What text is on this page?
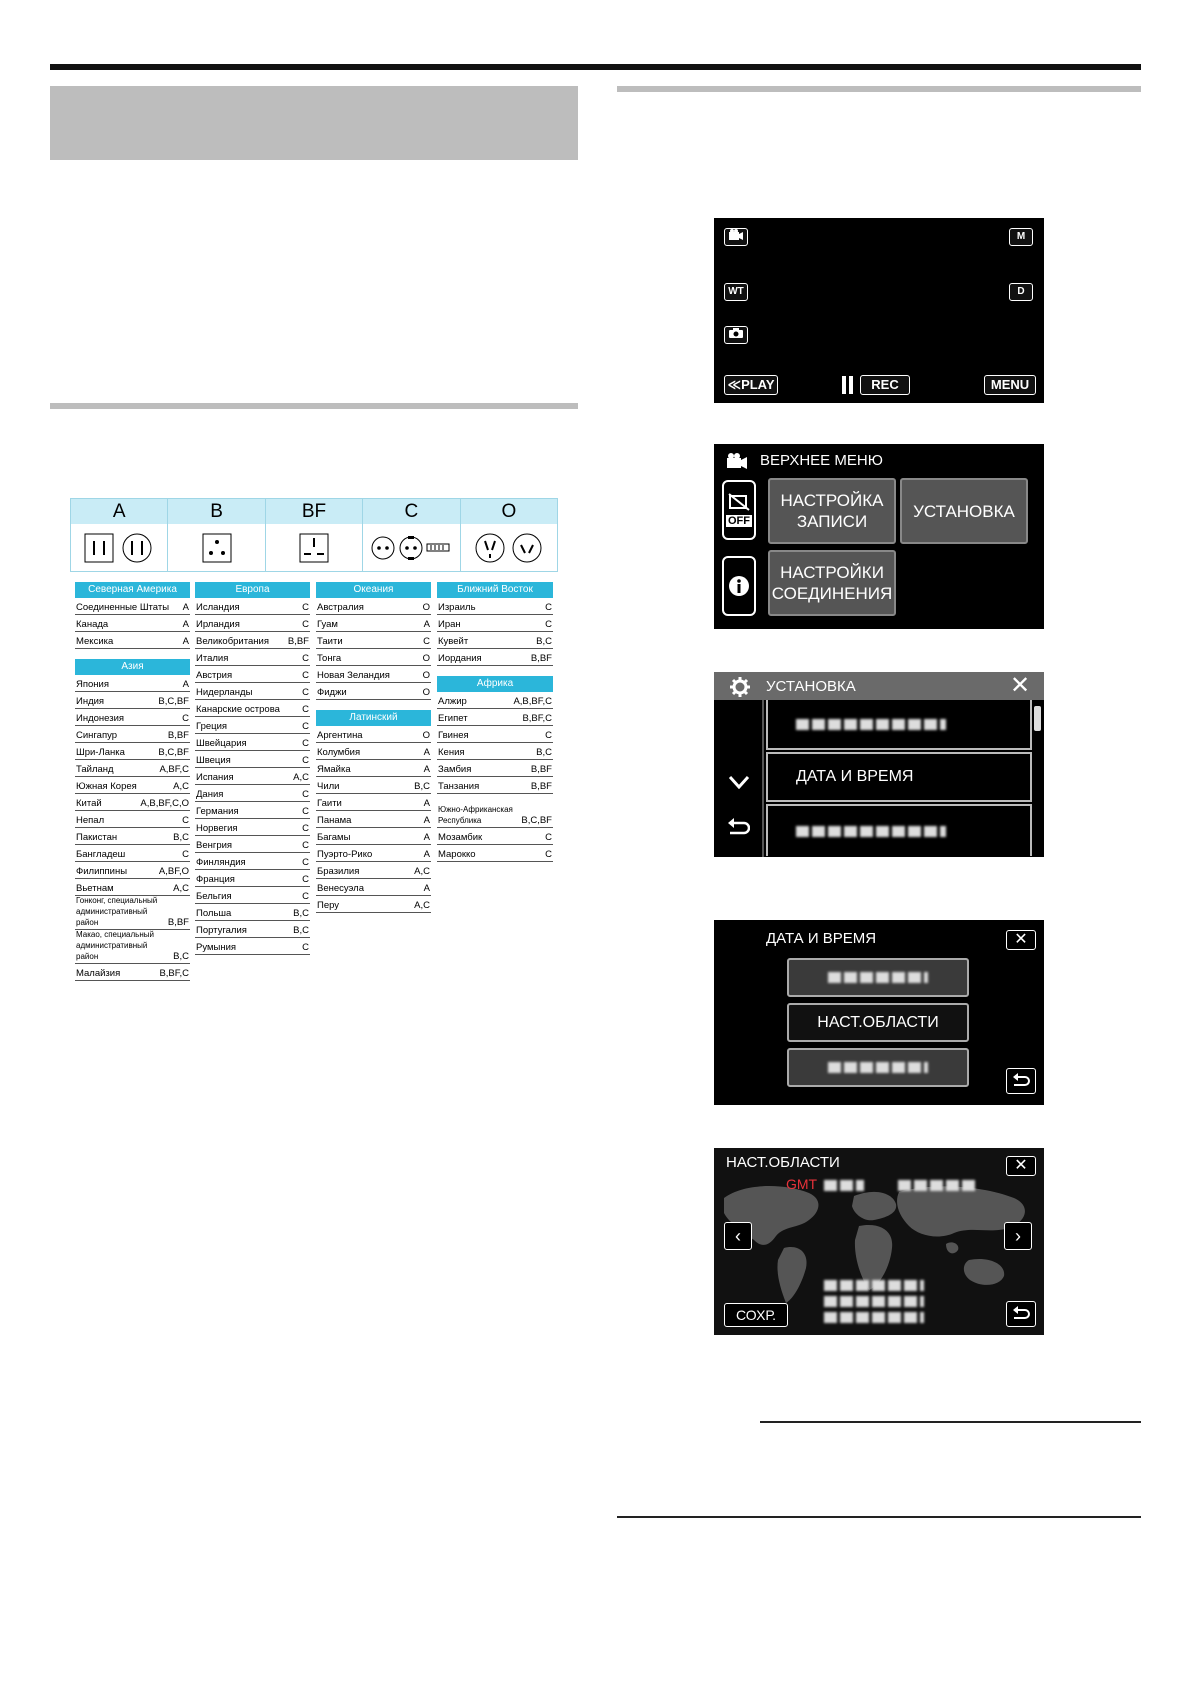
A	B	BF	C	O
Северная Америка
Соединенные Штаты A
Канада	A
Мексика	A
Азия
Япония	A
Индия	B,C,BF
Индонезия	C
Сингапур	B,BF
Шри-Ланка	B,C,BF
Тайланд	A,BF,C
Южная Корея	A,C
Китай	A,B,BF,C,O
Непал	C
Пакистан	B,C
Бангладеш	C
Филиппины	A,BF,O
Вьетнам	A,C
Гонконг, специальный административный район	B,BF
Макао, специальный административный район	B,C
Малайзия	B,BF,C
Европа
Исландия	C
Ирландия	C
Великобритания B,BF
Италия	C
Австрия	C
Нидерланды	C
Канарские острова C
Греция	C
Швейцария	C
Швеция	C
Испания	A,C
Дания	C
Германия	C
Норвегия	C
Венгрия	C
Финляндия	C
Франция	C
Бельгия	C
Польша	B,C
Португалия	B,C
Румыния	C
Океания
Австралия	O
Гуам	A
Таити	C
Тонга	O
Новая Зеландия	O
Фиджи	O
Латинский
Аргентина	O
Колумбия	A
Ямайка	A
Чили	B,C
Гаити	A
Панама	A
Багамы	A
Пуэрто-Рико	A
Бразилия	A,C
Венесуэла	A
Перу	A,C
Ближний Восток
Израиль	C
Иран	C
Кувейт	B,C
Иордания	B,BF
Африка
Алжир	A,B,BF,C
Египет	B,BF,C
Гвинея	C
Кения	B,C
Замбия	B,BF
Танзания	B,BF
Южно-Африканская Республика	B,C,BF
Мозамбик	C
Марокко	C
M
WT	D
≪PLAY	REC	MENU
ВЕРХНЕЕ МЕНЮ
OFF
НАСТРОЙКА ЗАПИСИ
УСТАНОВКА
НАСТРОЙКИ СОЕДИНЕНИЯ
УСТАНОВКА	✕
ДАТА И ВРЕМЯ
ДАТА И ВРЕМЯ	✕
НАСТ.ОБЛАСТИ
НАСТ.ОБЛАСТИ	✕
GMT
‹	›
СОХР.
